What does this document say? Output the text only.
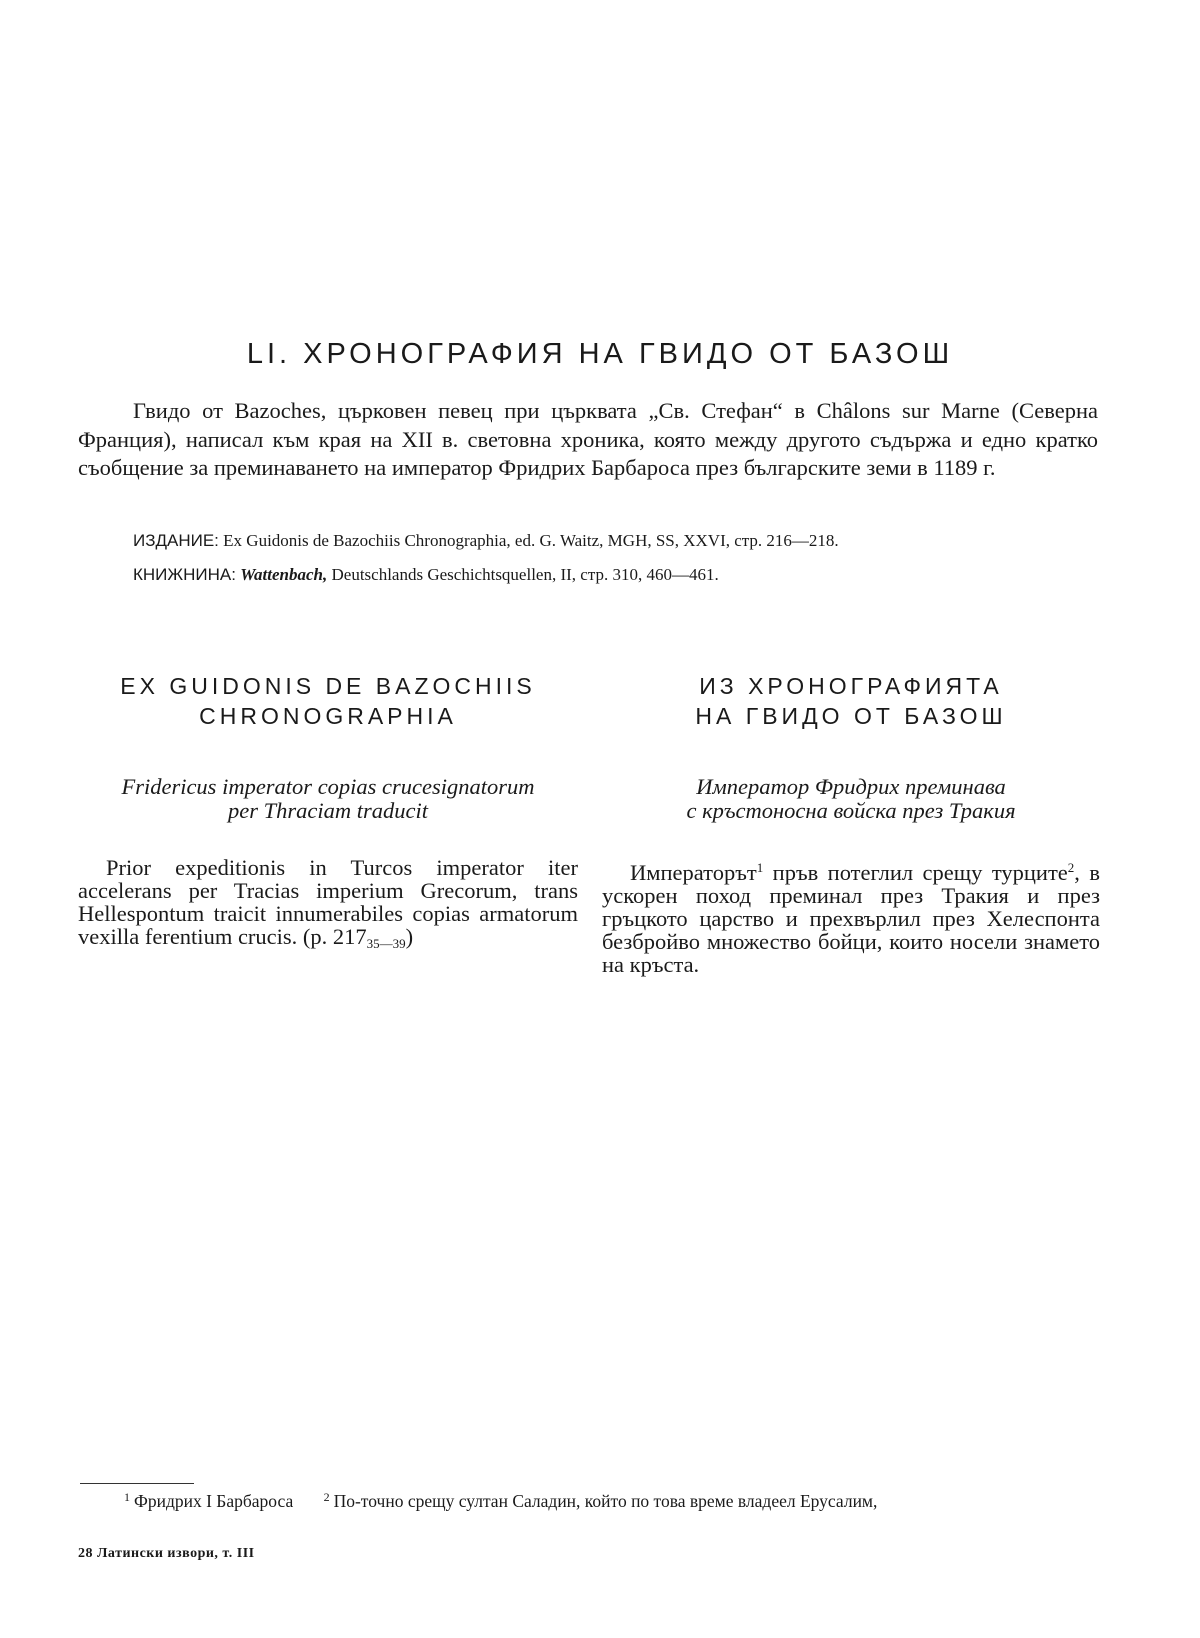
LI. ХРОНОГРАФИЯ НА ГВИДО ОТ БАЗОШ

Гвидо от Bazoches, църковен певец при църквата „Св. Стефан“ в Châlons sur Marne (Северна Франция), написал към края на XII в. световна хроника, която между другото съдържа и едно кратко съобщение за преминаването на император Фридрих Барбароса през българските земи в 1189 г.

ИЗДАНИЕ: Ex Guidonis de Bazochiis Chronographia, ed. G. Waitz, MGH, SS, XXVI, стр. 216—218.

КНИЖНИНА: Wattenbach, Deutschlands Geschichtsquellen, II, стр. 310, 460—461.

EX GUIDONIS DE BAZOCHIIS
CHRONOGRAPHIA

Fridericus imperator copias crucesignatorum
per Thraciam traducit

Prior expeditionis in Turcos imperator iter accelerans per Tracias imperium Grecorum, trans Hellespontum traicit innumerabiles copias armatorum vexilla ferentium crucis. (p. 21735—39)

ИЗ ХРОНОГРАФИЯТА
НА ГВИДО ОТ БАЗОШ

Император Фридрих преминава
с кръстоносна войска през Тракия

Императорът$^1$ пръв потеглил срещу турците$^2$, в ускорен поход преминал през Тракия и през гръцкото царство и прехвърлил през Хелеспонта безбройво множество бойци, които носели знамето на кръста.

$^1$ Фридрих I Барбароса	$^2$ По-точно срещу султан Саладин, който по това време владеел Ерусалим,
28 Латински извори, т. III
